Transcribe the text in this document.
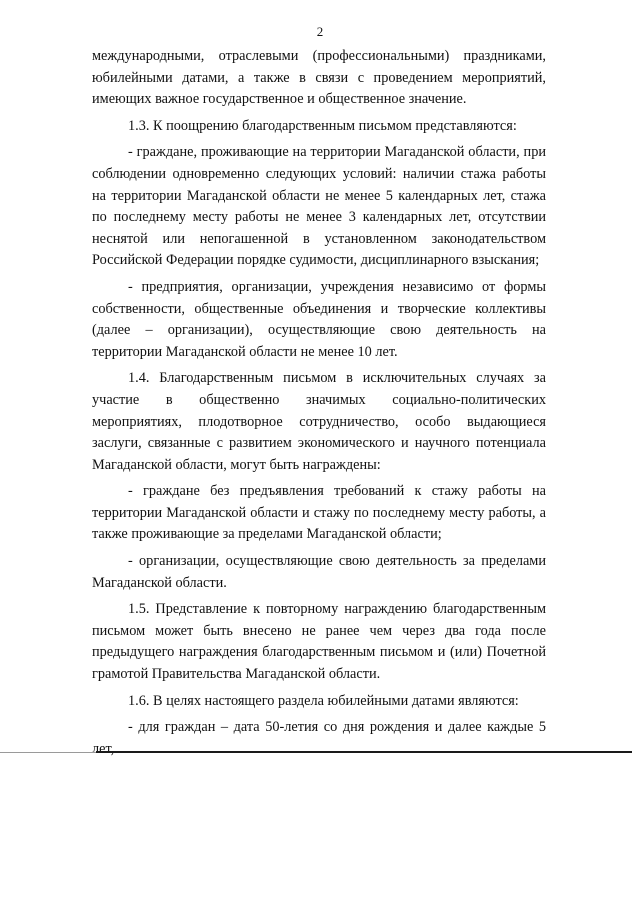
2

международными, отраслевыми (профессиональными) праздниками, юбилейными датами, а также в связи с проведением мероприятий, имеющих важное государственное и общественное значение.

1.3. К поощрению благодарственным письмом представляются:

- граждане, проживающие на территории Магаданской области, при соблюдении одновременно следующих условий: наличии стажа работы на территории Магаданской области не менее 5 календарных лет, стажа по последнему месту работы не менее 3 календарных лет, отсутствии неснятой или непогашенной в установленном законодательством Российской Федерации порядке судимости, дисциплинарного взыскания;

- предприятия, организации, учреждения независимо от формы собственности, общественные объединения и творческие коллективы (далее – организации), осуществляющие свою деятельность на территории Магаданской области не менее 10 лет.

1.4. Благодарственным письмом в исключительных случаях за участие в общественно значимых социально-политических мероприятиях, плодотворное сотрудничество, особо выдающиеся заслуги, связанные с развитием экономического и научного потенциала Магаданской области, могут быть награждены:

- граждане без предъявления требований к стажу работы на территории Магаданской области и стажу по последнему месту работы, а также проживающие за пределами Магаданской области;

- организации, осуществляющие свою деятельность за пределами Магаданской области.

1.5. Представление к повторному награждению благодарственным письмом может быть внесено не ранее чем через два года после предыдущего награждения благодарственным письмом и (или) Почетной грамотой Правительства Магаданской области.

1.6. В целях настоящего раздела юбилейными датами являются:

- для граждан – дата 50-летия со дня рождения и далее каждые 5 лет,
